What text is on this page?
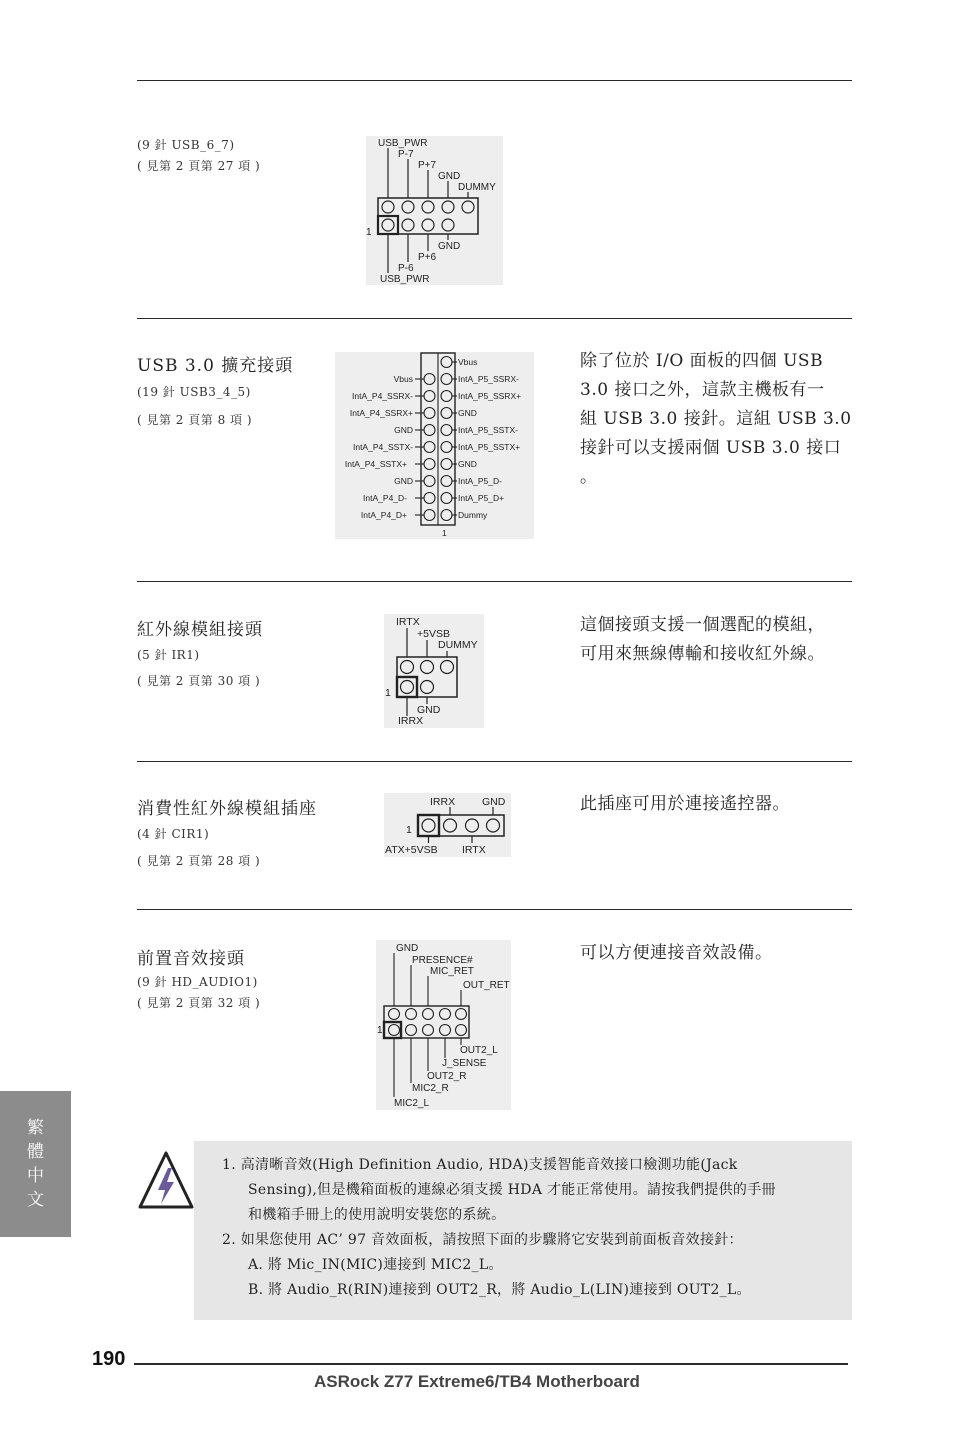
(9 針 USB_6_7)
( 見第 2 頁第 27 項 )
USB_PWR
P-7
P+7
GND
DUMMY
GND
P+6
P-6
USB_PWR
1
USB 3.0 擴充接頭
(19 針 USB3_4_5)
( 見第 2 頁第 8 項 )
Vbus
IntA_P4_SSRX-
IntA_P4_SSRX+
GND
IntA_P4_SSTX-
IntA_P4_SSTX+
GND
IntA_P4_D-
IntA_P4_D+
Vbus
IntA_P5_SSRX-
IntA_P5_SSRX+
GND
IntA_P5_SSTX-
IntA_P5_SSTX+
GND
IntA_P5_D-
IntA_P5_D+
Dummy
1
除了位於 I/O 面板的四個 USB
3.0 接口之外，這款主機板有一
組 USB 3.0 接針。這組 USB 3.0
接針可以支援兩個 USB 3.0 接口
。
紅外線模組接頭
(5 針 IR1)
( 見第 2 頁第 30 項 )
IRTX
+5VSB
DUMMY
GND
IRRX
1
這個接頭支援一個選配的模組，
可用來無線傳輸和接收紅外線。
消費性紅外線模組插座
(4 針 CIR1)
( 見第 2 頁第 28 項 )
IRRX	GND
ATX+5VSB IRTX
1
此插座可用於連接遙控器。
前置音效接頭
(9 針 HD_AUDIO1)
( 見第 2 頁第 32 項 )
GND
PRESENCE#
MIC_RET
OUT_RET
OUT2_L
J_SENSE
OUT2_R
MIC2_R
MIC2_L
1
可以方便連接音效設備。
繁
體
中
文
1. 高清晰音效(High Definition Audio, HDA)支援智能音效接口檢測功能(Jack
Sensing),但是機箱面板的連線必須支援 HDA 才能正常使用。請按我們提供的手冊
和機箱手冊上的使用說明安裝您的系統。
2. 如果您使用 AC’ 97 音效面板，請按照下面的步驟將它安裝到前面板音效接針：
A. 將 Mic_IN(MIC)連接到 MIC2_L。
B. 將 Audio_R(RIN)連接到 OUT2_R，將 Audio_L(LIN)連接到 OUT2_L。
190
ASRock Z77 Extreme6/TB4 Motherboard
